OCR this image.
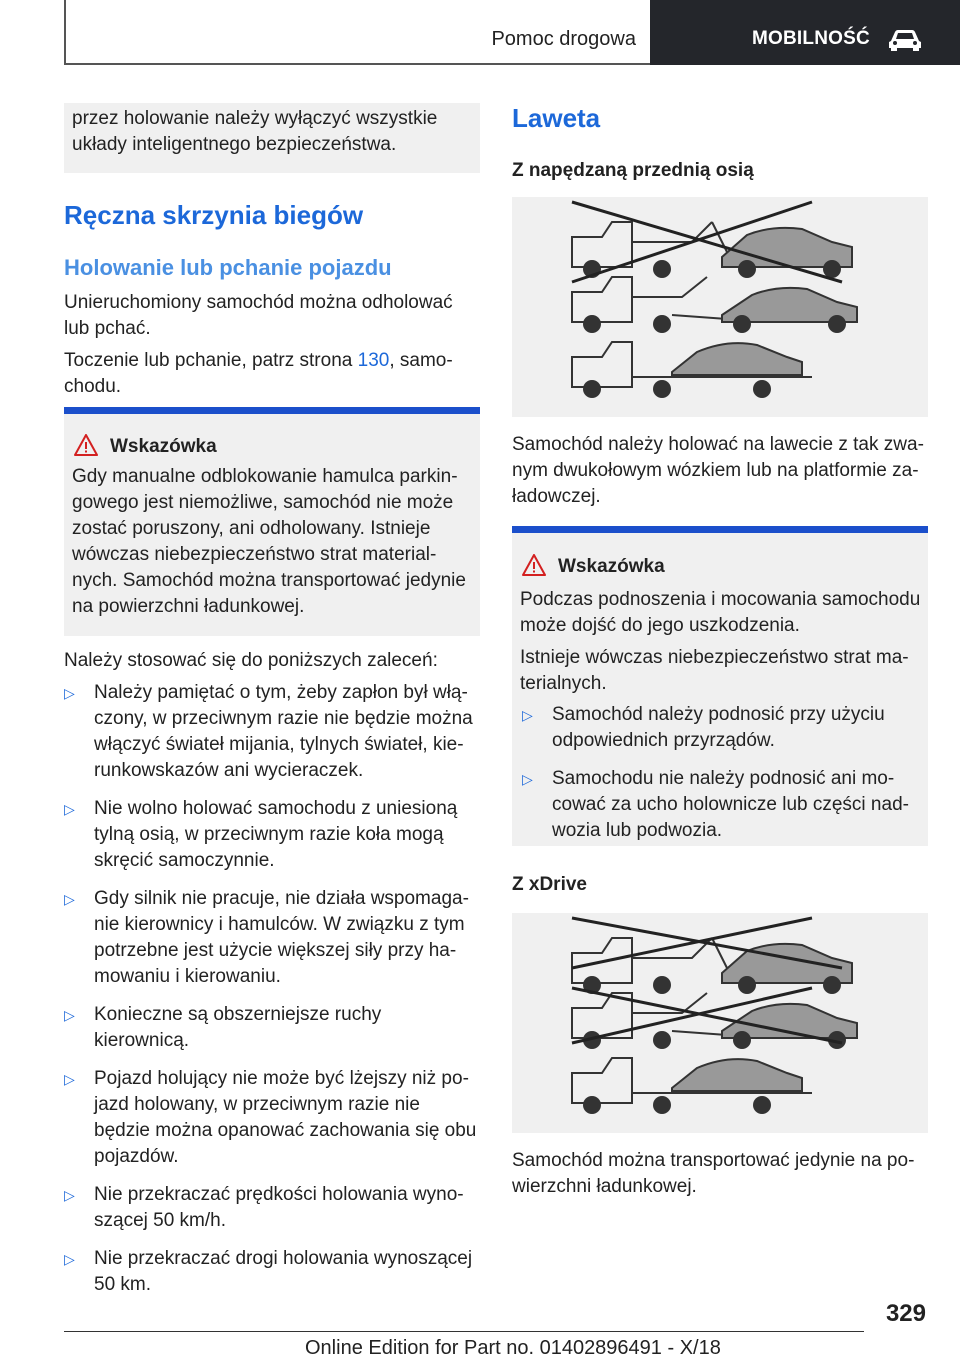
Pomoc drogowa	MOBILNOŚĆ
przez holowanie należy wyłączyć wszystkie układy inteligentnego bezpieczeństwa.
Ręczna skrzynia biegów
Holowanie lub pchanie pojazdu
Unieruchomiony samochód można odholować lub pchać.
Toczenie lub pchanie, patrz strona 130, samochodu.
Wskazówka
Gdy manualne odblokowanie hamulca parkingowego jest niemożliwe, samochód nie może zostać poruszony, ani odholowany. Istnieje wówczas niebezpieczeństwo strat materialnych. Samochód można transportować jedynie na powierzchni ładunkowej.
Należy stosować się do poniższych zaleceń:
▷	Należy pamiętać o tym, żeby zapłon był włączony, w przeciwnym razie nie będzie można włączyć świateł mijania, tylnych świateł, kierunkowskazów ani wycieraczek.
▷	Nie wolno holować samochodu z uniesioną tylną osią, w przeciwnym razie koła mogą skręcić samoczynnie.
▷	Gdy silnik nie pracuje, nie działa wspomaganie kierownicy i hamulców. W związku z tym potrzebne jest użycie większej siły przy hamowaniu i kierowaniu.
▷	Konieczne są obszerniejsze ruchy kierownicą.
▷	Pojazd holujący nie może być lżejszy niż pojazd holowany, w przeciwnym razie nie będzie można opanować zachowania się obu pojazdów.
▷	Nie przekraczać prędkości holowania wynoszącej 50 km/h.
▷	Nie przekraczać drogi holowania wynoszącej 50 km.
Laweta
Z napędzaną przednią osią
Samochód należy holować na lawecie z tak zwanym dwukołowym wózkiem lub na platformie załadowczej.
Wskazówka
Podczas podnoszenia i mocowania samochodu może dojść do jego uszkodzenia.
Istnieje wówczas niebezpieczeństwo strat materialnych.
▷	Samochód należy podnosić przy użyciu odpowiednich przyrządów.
▷	Samochodu nie należy podnosić ani mocować za ucho holownicze lub części nadwozia lub podwozia.
Z xDrive
Samochód można transportować jedynie na powierzchni ładunkowej.
329
Online Edition for Part no. 01402896491 - X/18
